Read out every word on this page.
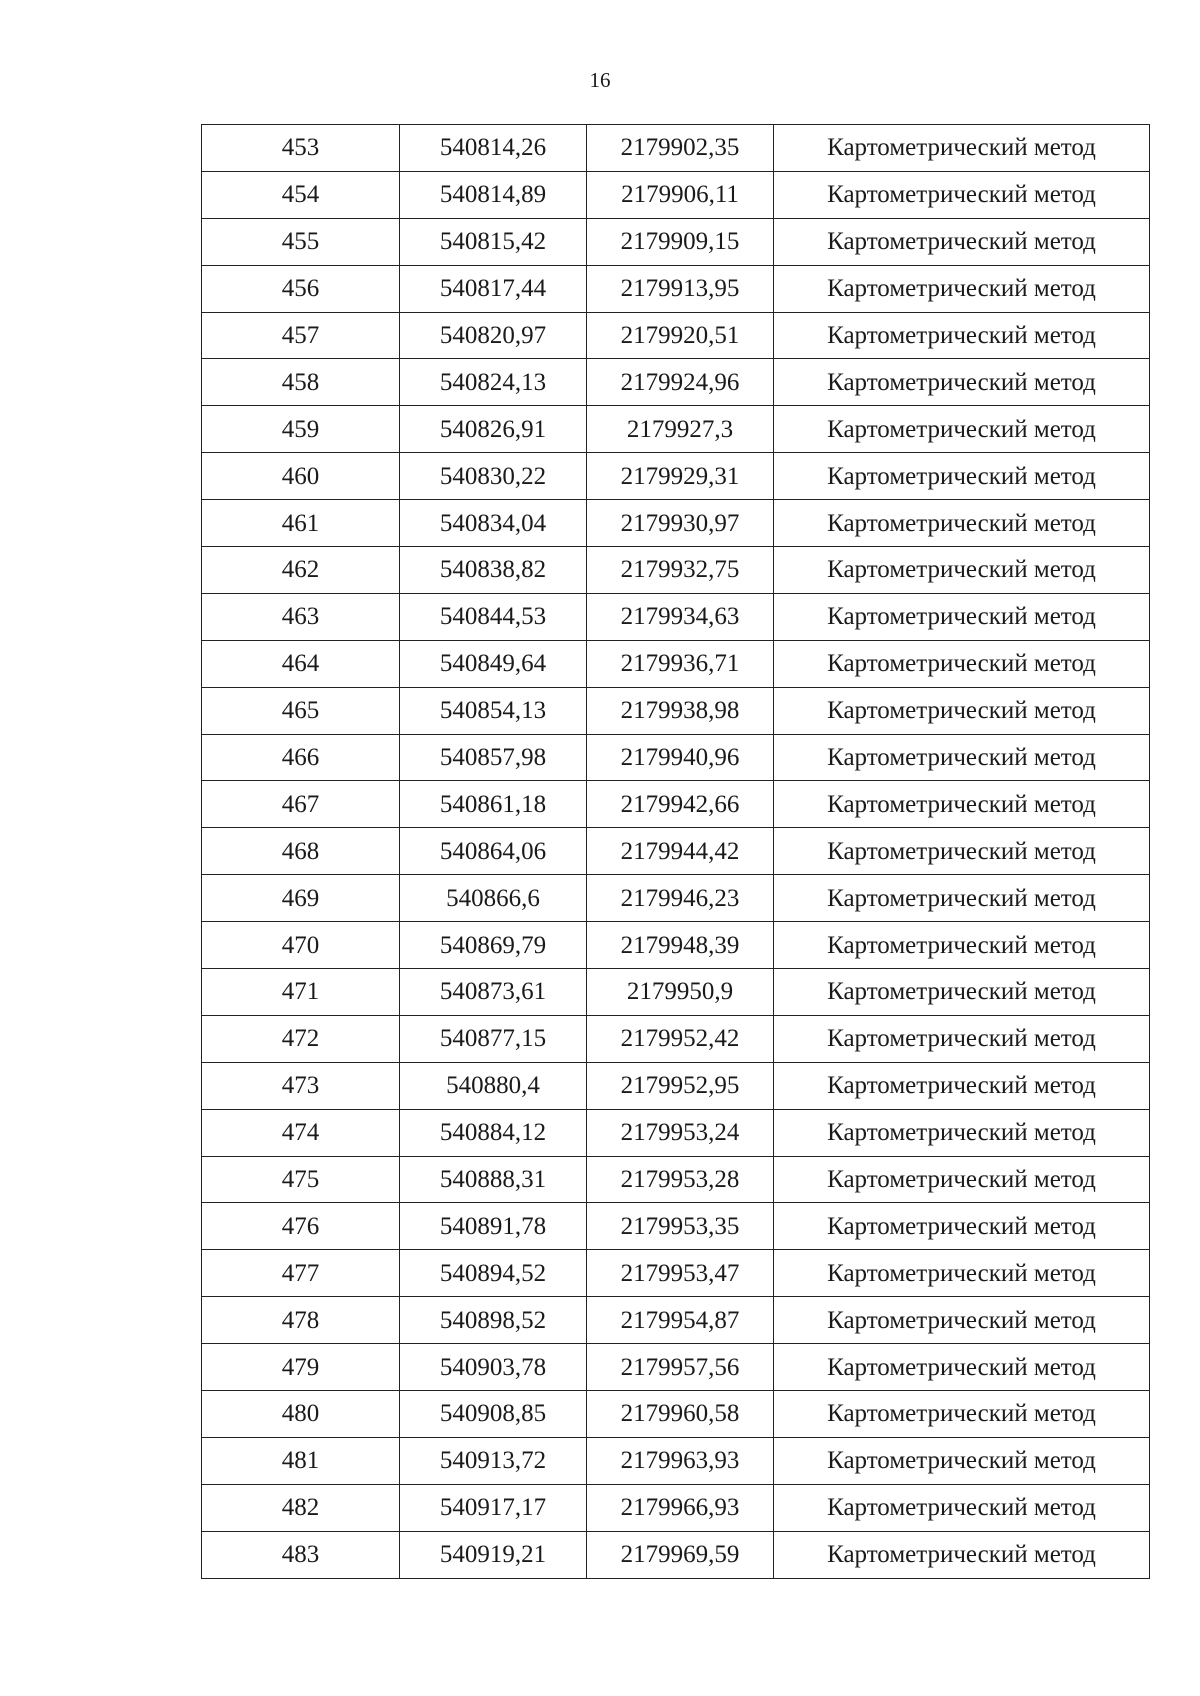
16
453	540814,26	2179902,35	Картометрический метод
454	540814,89	2179906,11	Картометрический метод
455	540815,42	2179909,15	Картометрический метод
456	540817,44	2179913,95	Картометрический метод
457	540820,97	2179920,51	Картометрический метод
458	540824,13	2179924,96	Картометрический метод
459	540826,91	2179927,3	Картометрический метод
460	540830,22	2179929,31	Картометрический метод
461	540834,04	2179930,97	Картометрический метод
462	540838,82	2179932,75	Картометрический метод
463	540844,53	2179934,63	Картометрический метод
464	540849,64	2179936,71	Картометрический метод
465	540854,13	2179938,98	Картометрический метод
466	540857,98	2179940,96	Картометрический метод
467	540861,18	2179942,66	Картометрический метод
468	540864,06	2179944,42	Картометрический метод
469	540866,6	2179946,23	Картометрический метод
470	540869,79	2179948,39	Картометрический метод
471	540873,61	2179950,9	Картометрический метод
472	540877,15	2179952,42	Картометрический метод
473	540880,4	2179952,95	Картометрический метод
474	540884,12	2179953,24	Картометрический метод
475	540888,31	2179953,28	Картометрический метод
476	540891,78	2179953,35	Картометрический метод
477	540894,52	2179953,47	Картометрический метод
478	540898,52	2179954,87	Картометрический метод
479	540903,78	2179957,56	Картометрический метод
480	540908,85	2179960,58	Картометрический метод
481	540913,72	2179963,93	Картометрический метод
482	540917,17	2179966,93	Картометрический метод
483	540919,21	2179969,59	Картометрический метод
